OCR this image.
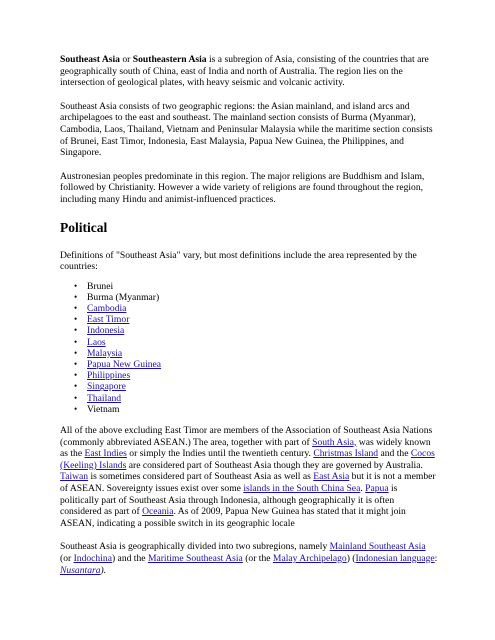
Southeast Asia or Southeastern Asia is a subregion of Asia, consisting of the countries that are geographically south of China, east of India and north of Australia. The region lies on the intersection of geological plates, with heavy seismic and volcanic activity.

Southeast Asia consists of two geographic regions: the Asian mainland, and island arcs and archipelagoes to the east and southeast. The mainland section consists of Burma (Myanmar), Cambodia, Laos, Thailand, Vietnam and Peninsular Malaysia while the maritime section consists of Brunei, East Timor, Indonesia, East Malaysia, Papua New Guinea, the Philippines, and Singapore.

Austronesian peoples predominate in this region. The major religions are Buddhism and Islam, followed by Christianity. However a wide variety of religions are found throughout the region, including many Hindu and animist-influenced practices.

Political

Definitions of "Southeast Asia" vary, but most definitions include the area represented by the countries:

• Brunei
• Burma (Myanmar)
• Cambodia
• East Timor
• Indonesia
• Laos
• Malaysia
• Papua New Guinea
• Philippines
• Singapore
• Thailand
• Vietnam

All of the above excluding East Timor are members of the Association of Southeast Asia Nations (commonly abbreviated ASEAN.) The area, together with part of South Asia, was widely known as the East Indies or simply the Indies until the twentieth century. Christmas Island and the Cocos (Keeling) Islands are considered part of Southeast Asia though they are governed by Australia. Taiwan is sometimes considered part of Southeast Asia as well as East Asia but it is not a member of ASEAN. Sovereignty issues exist over some islands in the South China Sea. Papua is politically part of Southeast Asia through Indonesia, although geographically it is often considered as part of Oceania. As of 2009, Papua New Guinea has stated that it might join ASEAN, indicating a possible switch in its geographic locale

Southeast Asia is geographically divided into two subregions, namely Mainland Southeast Asia (or Indochina) and the Maritime Southeast Asia (or the Malay Archipelago) (Indonesian language: Nusantara).
